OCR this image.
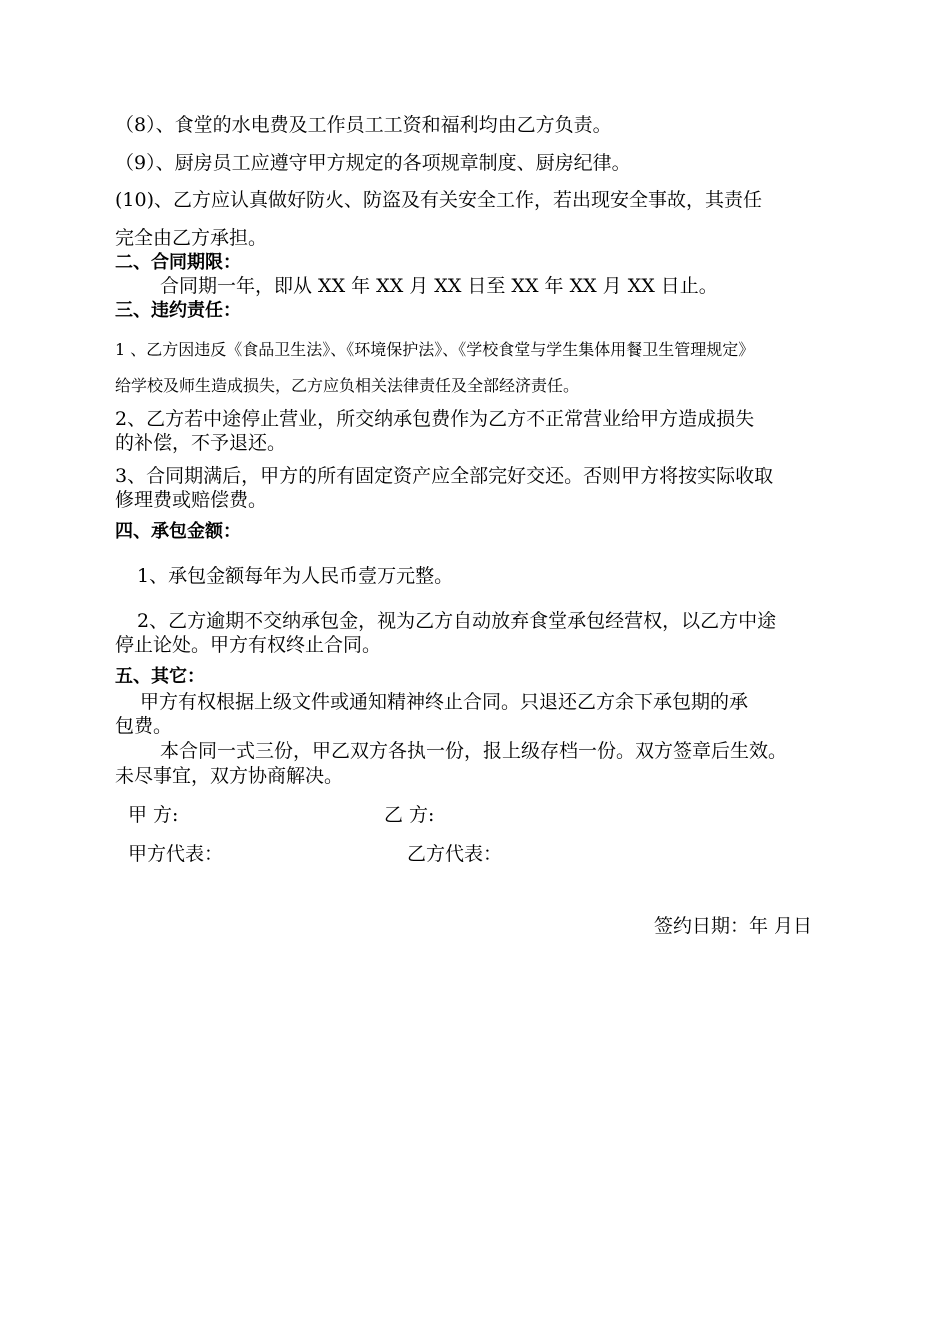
（8）、食堂的水电费及工作员工工资和福利均由乙方负责。
（9）、厨房员工应遵守甲方规定的各项规章制度、厨房纪律。
(10)、乙方应认真做好防火、防盗及有关安全工作，若出现安全事故，其责任
完全由乙方承担。
二、合同期限：
合同期一年，即从 XX 年 XX 月 XX 日至 XX 年 XX 月 XX 日止。
三、违约责任：
1 、乙方因违反《食品卫生法》、《环境保护法》、《学校食堂与学生集体用餐卫生管理规定》
给学校及师生造成损失，乙方应负相关法律责任及全部经济责任。
2、乙方若中途停止营业，所交纳承包费作为乙方不正常营业给甲方造成损失
的补偿，不予退还。
3、合同期满后，甲方的所有固定资产应全部完好交还。否则甲方将按实际收取
修理费或赔偿费。
四、承包金额：
1、承包金额每年为人民币壹万元整。
2、乙方逾期不交纳承包金，视为乙方自动放弃食堂承包经营权，以乙方中途
停止论处。甲方有权终止合同。
五、其它：
甲方有权根据上级文件或通知精神终止合同。只退还乙方余下承包期的承
包费。
本合同一式三份，甲乙双方各执一份，报上级存档一份。双方签章后生效。
未尽事宜，双方协商解决。
甲 方:	乙 方:
甲方代表：	乙方代表：
签约日期：年 月日
